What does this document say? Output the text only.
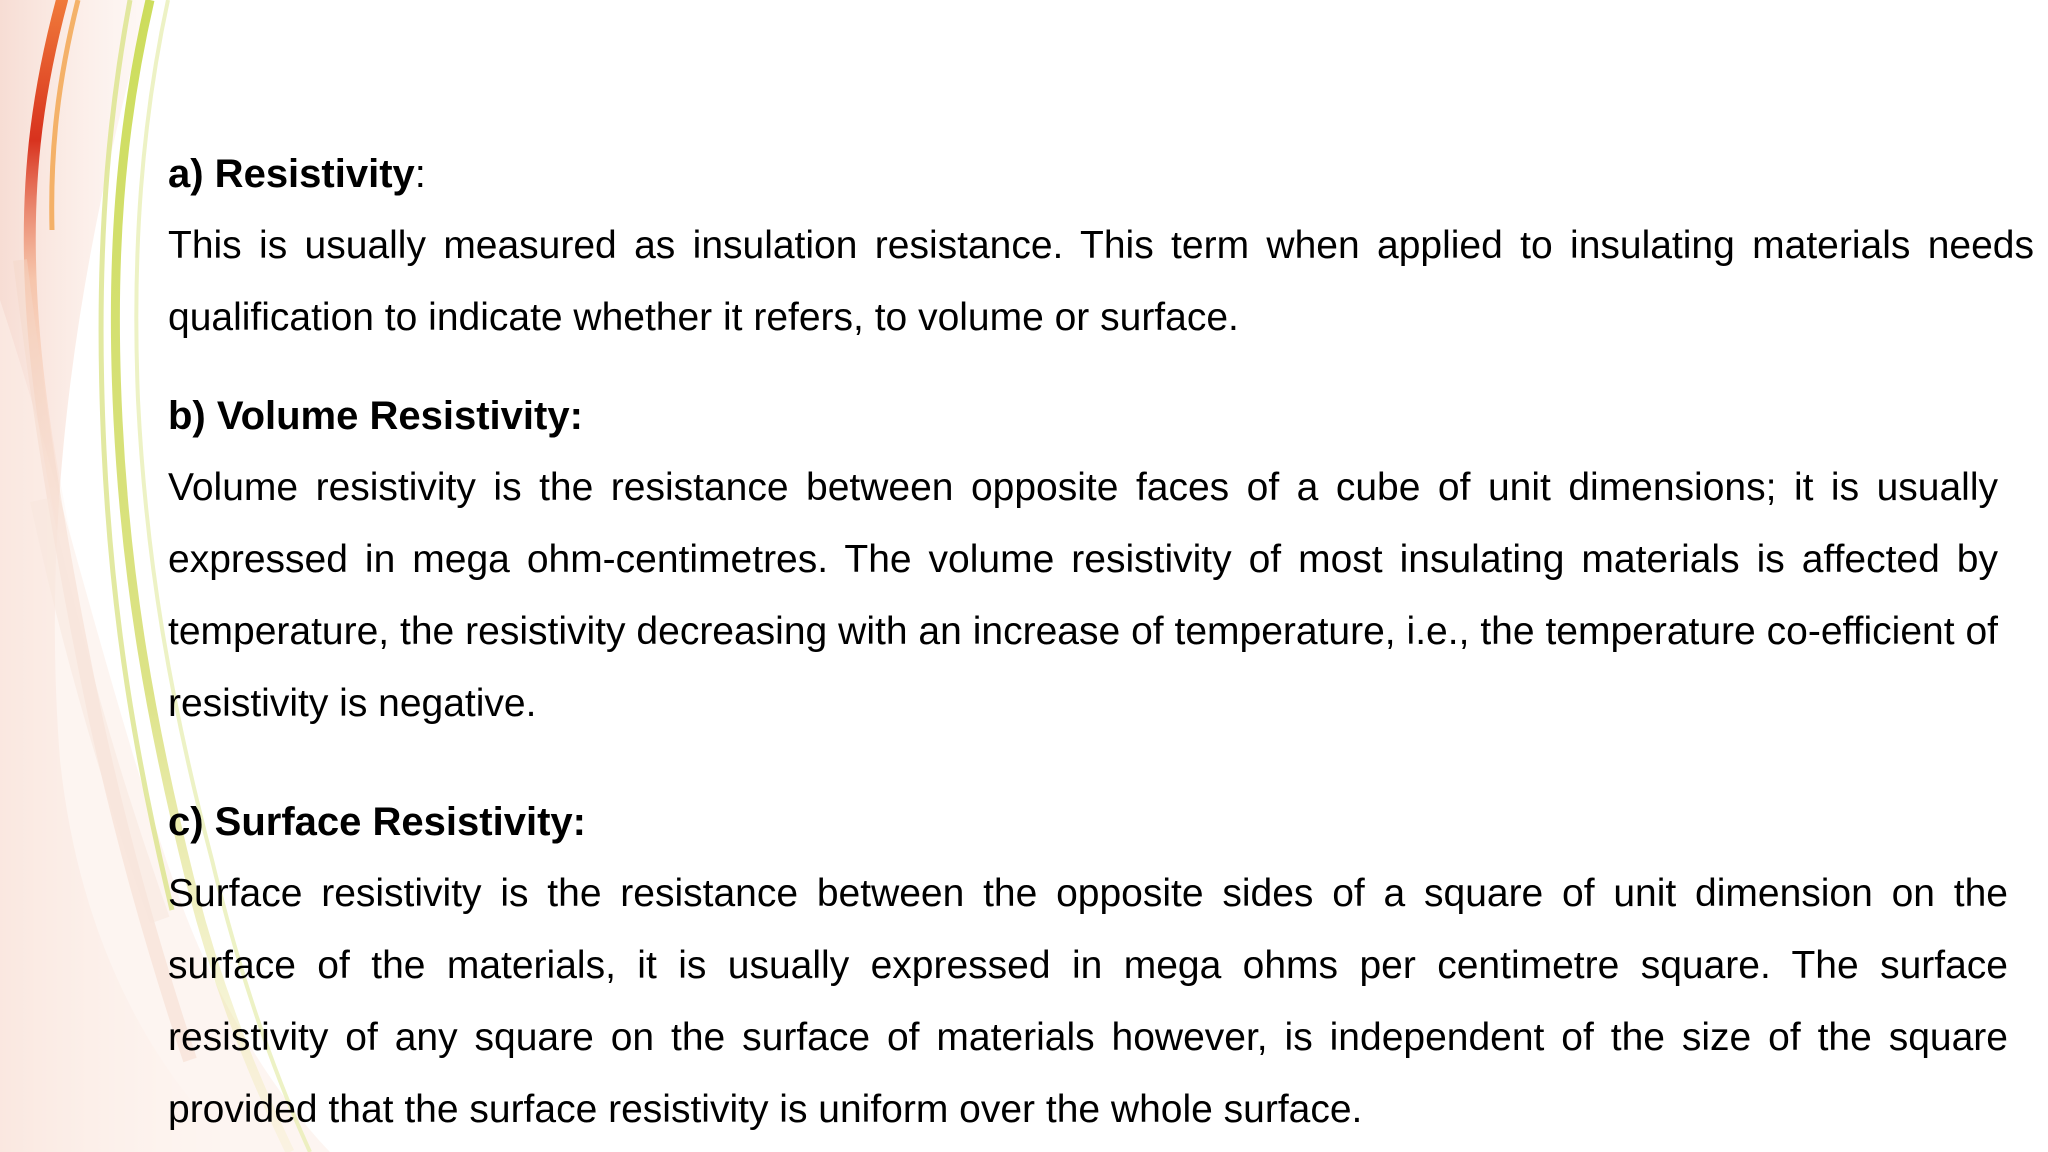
a) Resistivity:
This is usually measured as insulation resistance. This term when applied to insulating materials needs qualification to indicate whether it refers, to volume or surface.
b) Volume Resistivity:
Volume resistivity is the resistance between opposite faces of a cube of unit dimensions; it is usually expressed in mega ohm-centimetres. The volume resistivity of most insulating materials is affected by temperature, the resistivity decreasing with an increase of temperature, i.e., the temperature co-efficient of resistivity is negative.
c) Surface Resistivity:
Surface resistivity is the resistance between the opposite sides of a square of unit dimension on the surface of the materials, it is usually expressed in mega ohms per centimetre square. The surface resistivity of any square on the surface of materials however, is independent of the size of the square provided that the surface resistivity is uniform over the whole surface.
